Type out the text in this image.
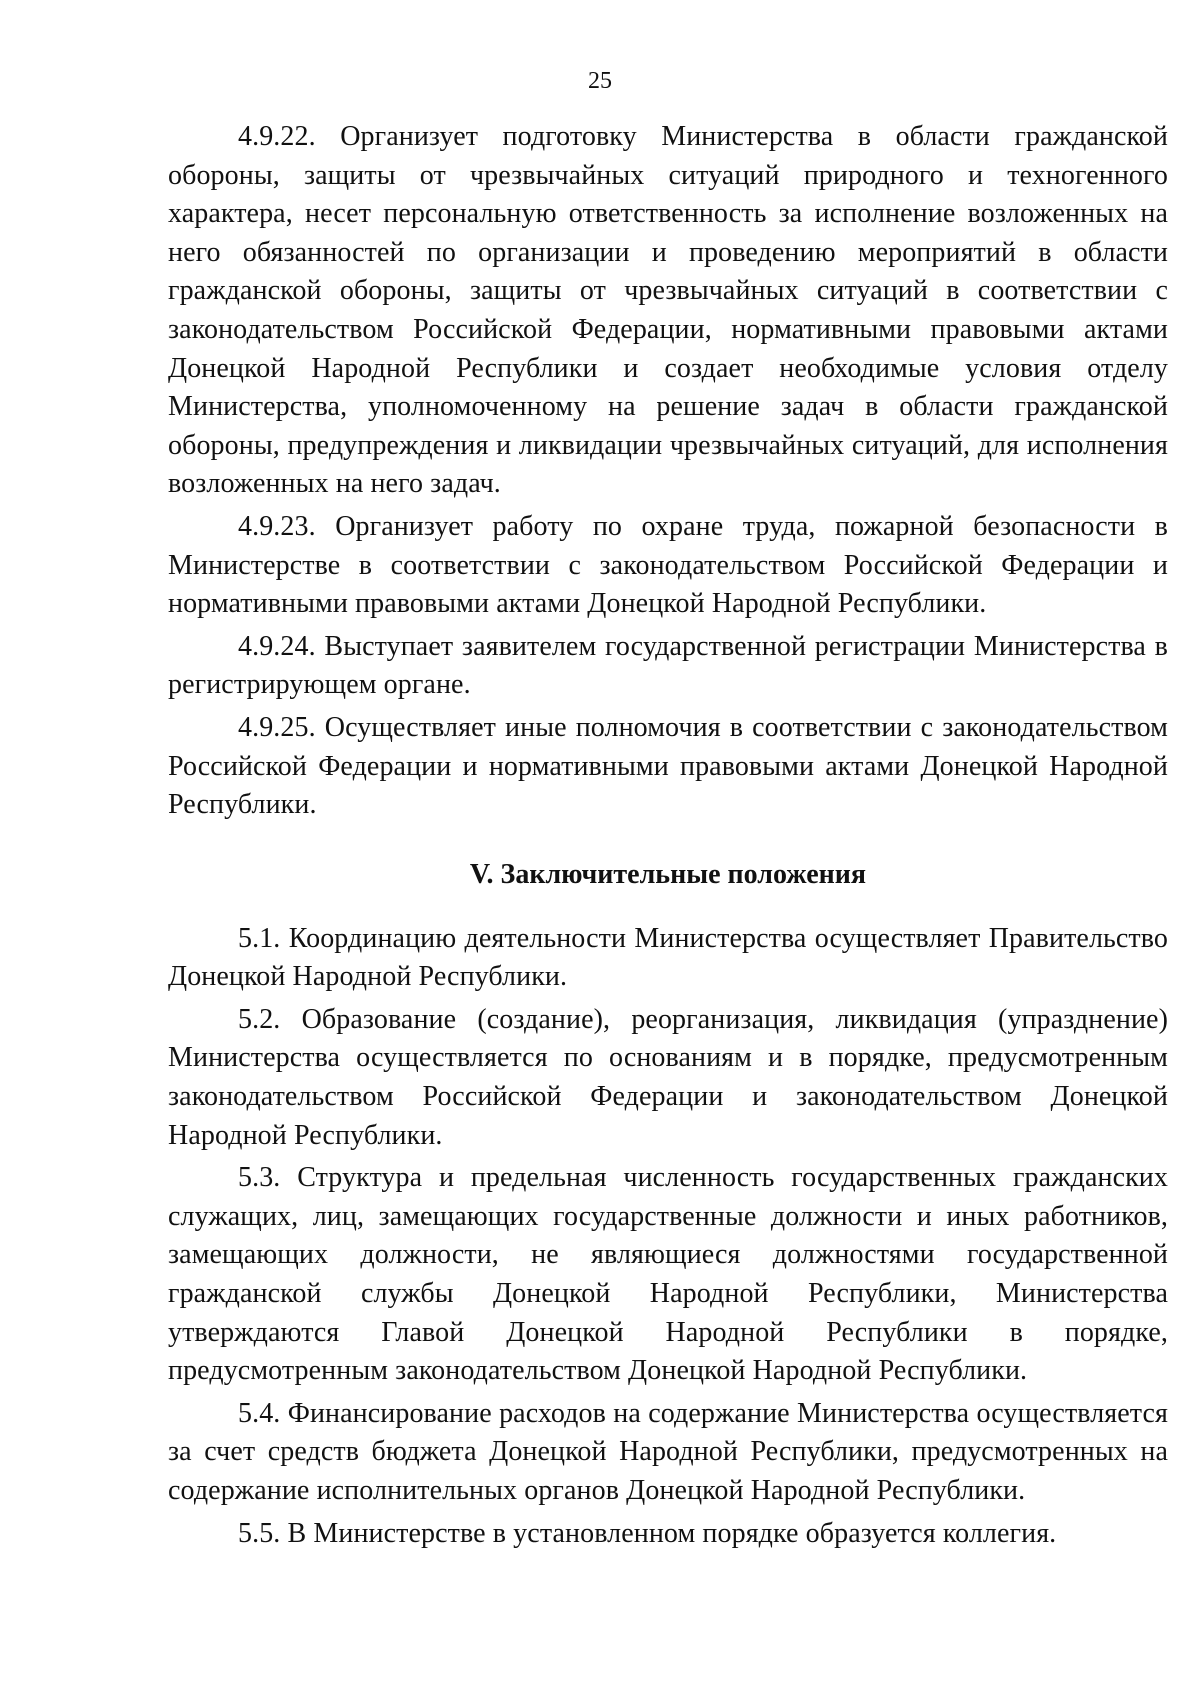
25

4.9.22. Организует подготовку Министерства в области гражданской обороны, защиты от чрезвычайных ситуаций природного и техногенного характера, несет персональную ответственность за исполнение возложенных на него обязанностей по организации и проведению мероприятий в области гражданской обороны, защиты от чрезвычайных ситуаций в соответствии с законодательством Российской Федерации, нормативными правовыми актами Донецкой Народной Республики и создает необходимые условия отделу Министерства, уполномоченному на решение задач в области гражданской обороны, предупреждения и ликвидации чрезвычайных ситуаций, для исполнения возложенных на него задач.

4.9.23. Организует работу по охране труда, пожарной безопасности в Министерстве в соответствии с законодательством Российской Федерации и нормативными правовыми актами Донецкой Народной Республики.

4.9.24. Выступает заявителем государственной регистрации Министерства в регистрирующем органе.

4.9.25. Осуществляет иные полномочия в соответствии с законодательством Российской Федерации и нормативными правовыми актами Донецкой Народной Республики.

V. Заключительные положения

5.1. Координацию деятельности Министерства осуществляет Правительство Донецкой Народной Республики.

5.2. Образование (создание), реорганизация, ликвидация (упразднение) Министерства осуществляется по основаниям и в порядке, предусмотренным законодательством Российской Федерации и законодательством Донецкой Народной Республики.

5.3. Структура и предельная численность государственных гражданских служащих, лиц, замещающих государственные должности и иных работников, замещающих должности, не являющиеся должностями государственной гражданской службы Донецкой Народной Республики, Министерства утверждаются Главой Донецкой Народной Республики в порядке, предусмотренным законодательством Донецкой Народной Республики.

5.4. Финансирование расходов на содержание Министерства осуществляется за счет средств бюджета Донецкой Народной Республики, предусмотренных на содержание исполнительных органов Донецкой Народной Республики.

5.5. В Министерстве в установленном порядке образуется коллегия.
